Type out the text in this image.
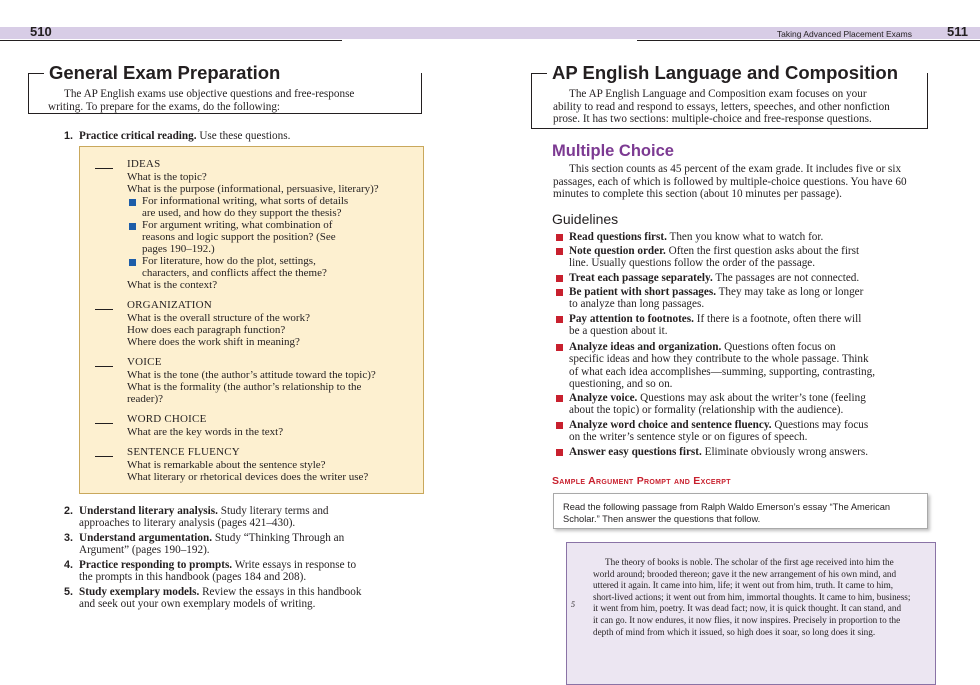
510	Taking Advanced Placement Exams	511
General Exam Preparation
The AP English exams use objective questions and free-response
writing. To prepare for the exams, do the following:
1. Practice critical reading. Use these questions.
IDEAS
What is the topic?
What is the purpose (informational, persuasive, literary)?
For informational writing, what sorts of details
are used, and how do they support the thesis?
For argument writing, what combination of
reasons and logic support the position? (See
pages 190–192.)
For literature, how do the plot, settings,
characters, and conflicts affect the theme?
What is the context?
ORGANIZATION
What is the overall structure of the work?
How does each paragraph function?
Where does the work shift in meaning?
VOICE
What is the tone (the author’s attitude toward the topic)?
What is the formality (the author’s relationship to the
reader)?
WORD CHOICE
What are the key words in the text?
SENTENCE FLUENCY
What is remarkable about the sentence style?
What literary or rhetorical devices does the writer use?
2. Understand literary analysis. Study literary terms and
approaches to literary analysis (pages 421–430).
3. Understand argumentation. Study “Thinking Through an
Argument” (pages 190–192).
4. Practice responding to prompts. Write essays in response to
the prompts in this handbook (pages 184 and 208).
5. Study exemplary models. Review the essays in this handbook
and seek out your own exemplary models of writing.
AP English Language and Composition
The AP English Language and Composition exam focuses on your
ability to read and respond to essays, letters, speeches, and other nonfiction
prose. It has two sections: multiple-choice and free-response questions.
Multiple Choice
This section counts as 45 percent of the exam grade. It includes five or six
passages, each of which is followed by multiple-choice questions. You have 60
minutes to complete this section (about 10 minutes per passage).
Guidelines
Read questions first. Then you know what to watch for.
Note question order. Often the first question asks about the first
line. Usually questions follow the order of the passage.
Treat each passage separately. The passages are not connected.
Be patient with short passages. They may take as long or longer
to analyze than long passages.
Pay attention to footnotes. If there is a footnote, often there will
be a question about it.
Analyze ideas and organization. Questions often focus on
specific ideas and how they contribute to the whole passage. Think
of what each idea accomplishes—summing, supporting, contrasting,
questioning, and so on.
Analyze voice. Questions may ask about the writer’s tone (feeling
about the topic) or formality (relationship with the audience).
Analyze word choice and sentence fluency. Questions may focus
on the writer’s sentence style or on figures of speech.
Answer easy questions first. Eliminate obviously wrong answers.
Sample Argument Prompt and Excerpt
Read the following passage from Ralph Waldo Emerson’s essay “The American
Scholar.” Then answer the questions that follow.
The theory of books is noble. The scholar of the first age received into him the
world around; brooded thereon; gave it the new arrangement of his own mind, and
uttered it again. It came into him, life; it went out from him, truth. It came to him,
short-lived actions; it went out from him, immortal thoughts. It came to him, business;
it went from him, poetry. It was dead fact; now, it is quick thought. It can stand, and
it can go. It now endures, it now flies, it now inspires. Precisely in proportion to the
depth of mind from which it issued, so high does it soar, so long does it sing.
5
